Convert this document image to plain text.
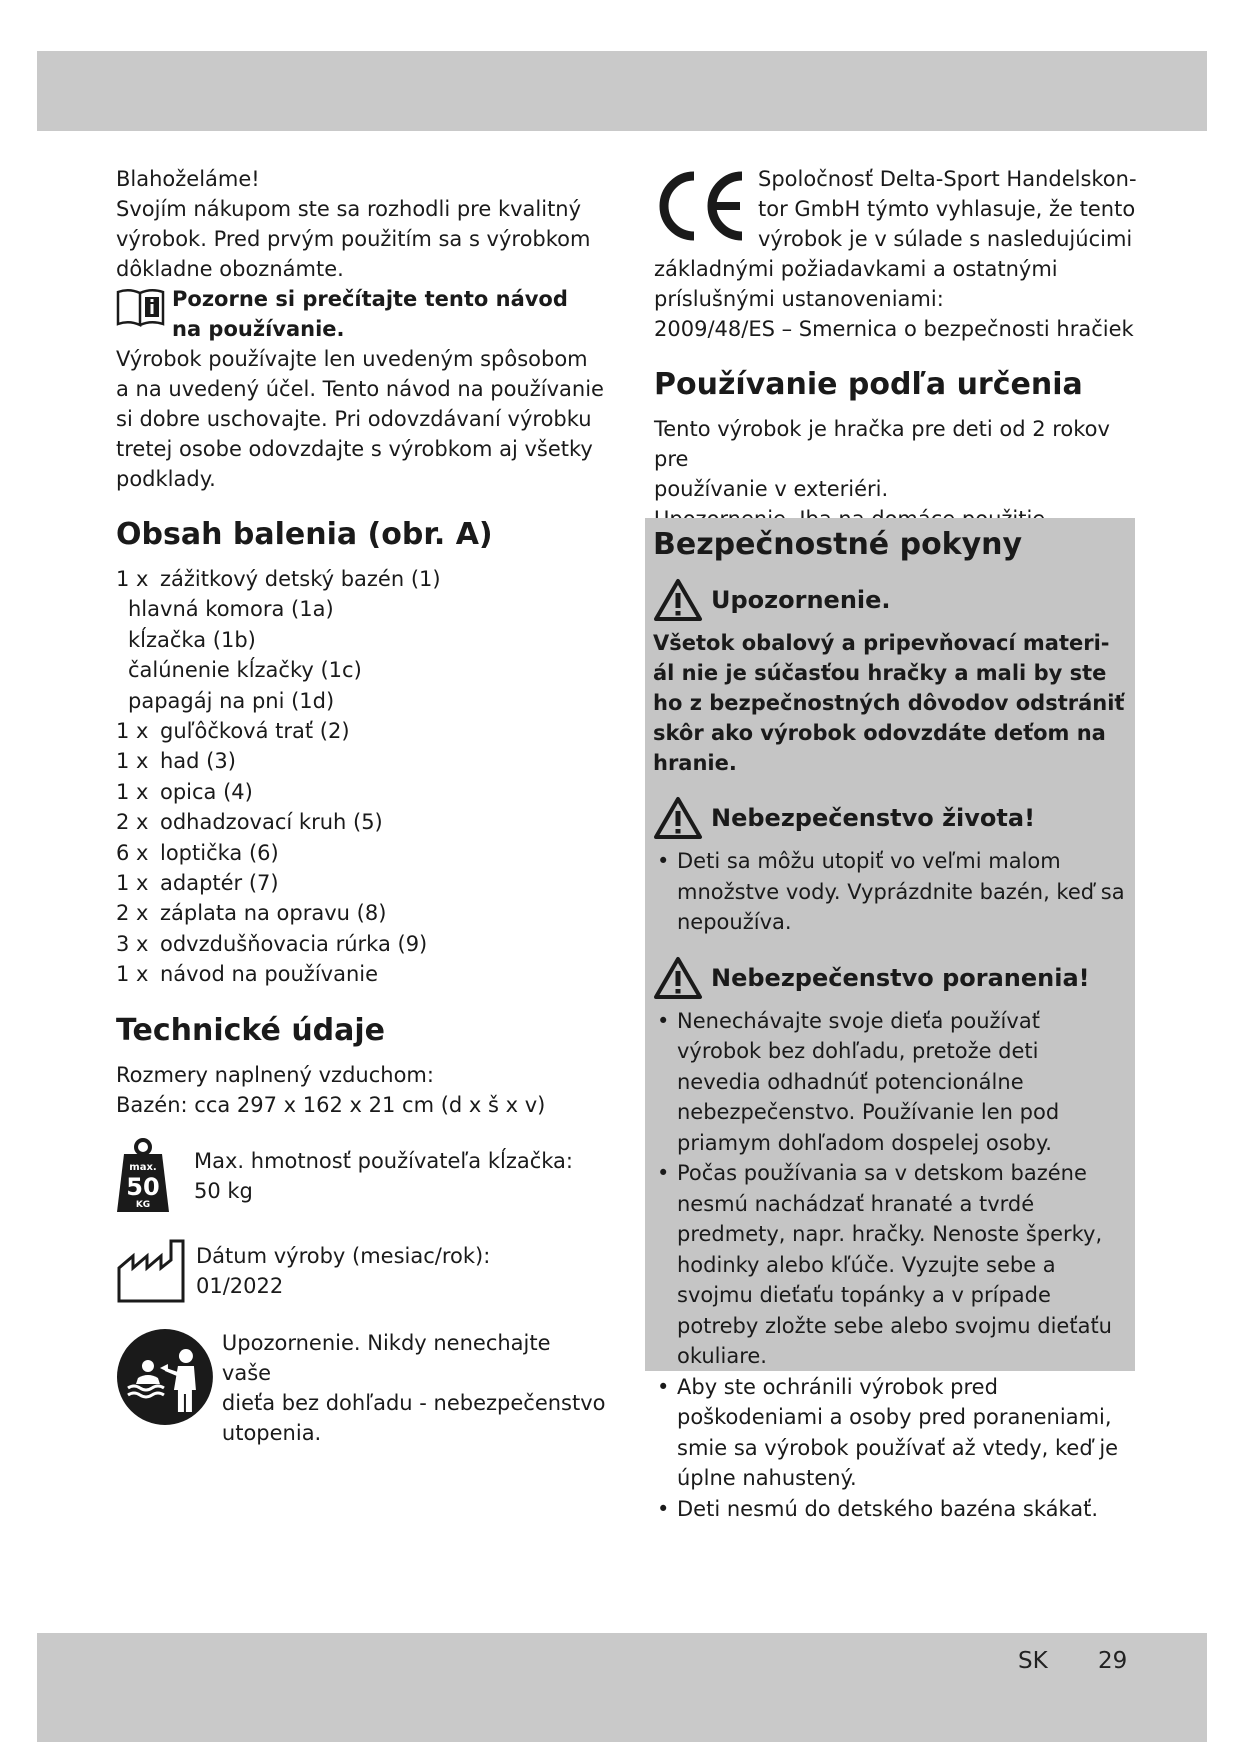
Blahoželáme!

Svojím nákupom ste sa rozhodli pre kvalitný

výrobok. Pred prvým použitím sa s výrobkom

dôkladne oboznámte.

Pozorne si prečítajte tento návod

na používanie.

Výrobok používajte len uvedeným spôsobom

a na uvedený účel. Tento návod na používanie

si dobre uschovajte. Pri odovzdávaní výrobku

tretej osobe odovzdajte s výrobkom aj všetky

podklady.

Obsah balenia (obr. A)
1 x zážitkový detský bazén (1)
hlavná komora (1a)
kĺzačka (1b)
čalúnenie kĺzačky (1c)
papagáj na pni (1d)
1 x guľôčková trať (2)
1 x had (3)
1 x opica (4)
2 x odhadzovací kruh (5)
6 x loptička (6)
1 x adaptér (7)
2 x záplata na opravu (8)
3 x odvzdušňovacia rúrka (9)
1 x návod na používanie
Technické údaje

Rozmery naplnený vzduchom:

Bazén: cca 297 x 162 x 21 cm (d x š x v)

max.
50
KG

Max. hmotnosť používateľa kĺzačka:

50 kg

Dátum výroby (mesiac/rok):

01/2022

Upozornenie. Nikdy nenechajte vaše

dieťa bez dohľadu - nebezpečenstvo

utopenia.

Spoločnosť Delta-Sport Handelskon-

tor GmbH týmto vyhlasuje, že tento

výrobok je v súlade s nasledujúcimi

základnými požiadavkami a ostatnými

príslušnými ustanoveniami:

2009/48/ES – Smernica o bezpečnosti hračiek

Používanie podľa určenia

Tento výrobok je hračka pre deti od 2 rokov pre

používanie v exteriéri.

Bezpečnostné pokyny
Upozornenie.

Všetok obalový a pripevňovací materi-

ál nie je súčasťou hračky a mali by ste

ho z bezpečnostných dôvodov odstrániť

skôr ako výrobok odovzdáte deťom na

hranie.

Nebezpečenstvo života!
• Deti sa môžu utopiť vo veľmi malom množstve vody. Vyprázdnite bazén, keď sa nepoužíva.
Nebezpečenstvo poranenia!
• Nenechávajte svoje dieťa používať výrobok bez dohľadu, pretože deti nevedia odhadnúť potencionálne nebezpečenstvo. Používanie len pod priamym dohľadom dospelej osoby.
• Počas používania sa v detskom bazéne nesmú nachádzať hranaté a tvrdé predmety, napr. hračky. Nenoste šperky, hodinky alebo kľúče. Vyzujte sebe a svojmu dieťaťu topánky a v prípade potreby zložte sebe alebo svojmu dieťaťu okuliare.
• Aby ste ochránili výrobok pred poškodeniami a osoby pred poraneniami, smie sa výrobok používať až vtedy, keď je úplne nahustený.
• Deti nesmú do detského bazéna skákať.
SK 29
